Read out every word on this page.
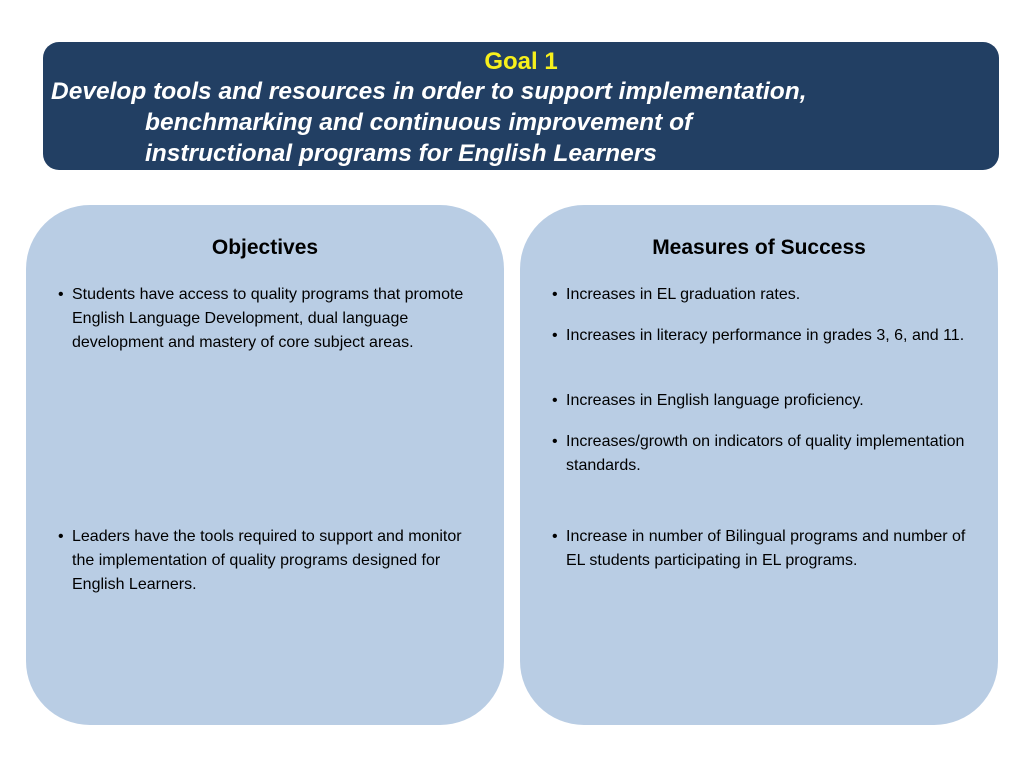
Goal 1
Develop tools and resources in order to support implementation,
benchmarking and continuous improvement of
instructional programs for English Learners
Objectives
• Students have access to quality programs that promote English Language Development, dual language development and mastery of core subject areas.
• Leaders have the tools required to support and monitor the implementation of quality programs designed for English Learners.
Measures of Success
• Increases in EL graduation rates.
• Increases in literacy performance in grades 3, 6, and 11.
• Increases in English language proficiency.
• Increases/growth on indicators of quality implementation standards.
• Increase in number of Bilingual programs and number of EL students participating in EL programs.
